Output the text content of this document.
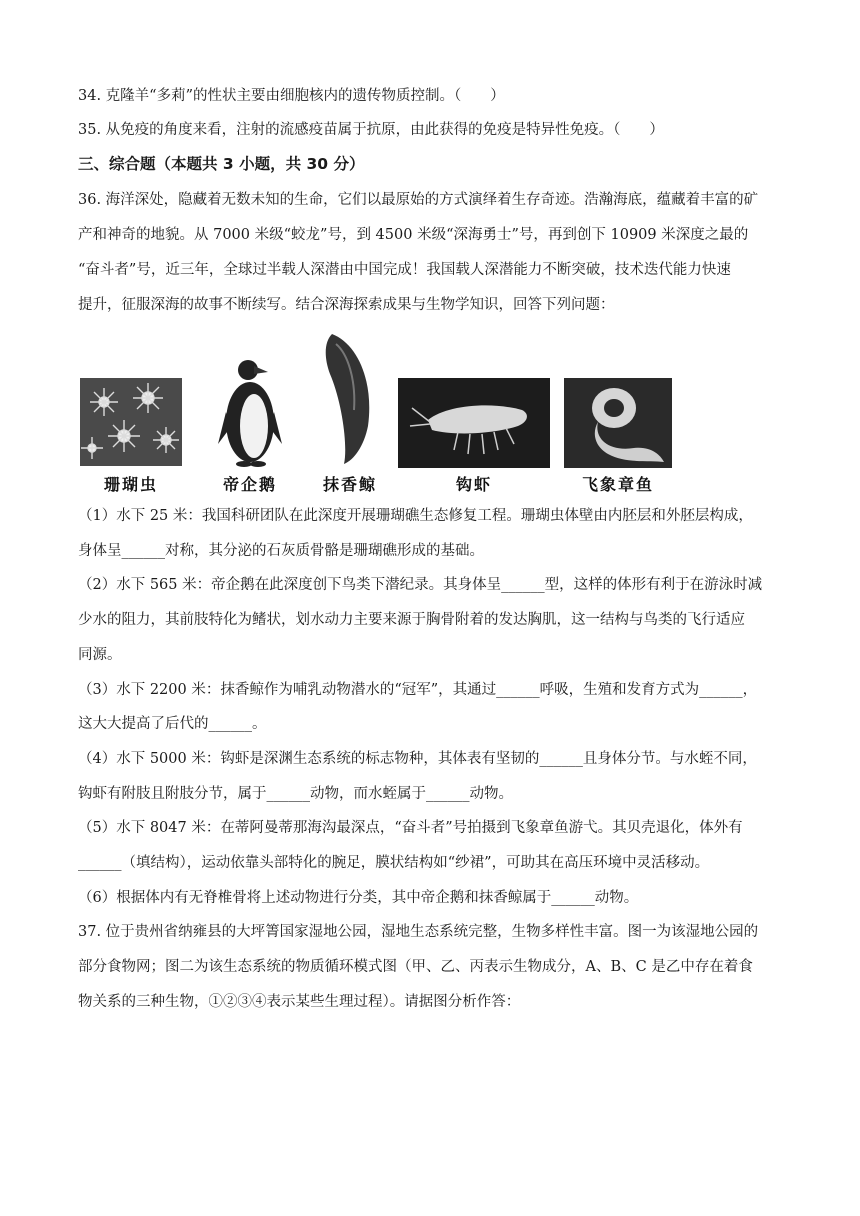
34. 克隆羊“多莉”的性状主要由细胞核内的遗传物质控制。（　　）
35. 从免疫的角度来看，注射的流感疫苗属于抗原，由此获得的免疫是特异性免疫。（　　）
三、综合题（本题共 3 小题，共 30 分）
36. 海洋深处，隐藏着无数未知的生命，它们以最原始的方式演绎着生存奇迹。浩瀚海底，蕴藏着丰富的矿
产和神奇的地貌。从 7000 米级“蛟龙”号，到 4500 米级“深海勇士”号，再到创下 10909 米深度之最的
“奋斗者”号，近三年，全球过半载人深潜由中国完成！我国载人深潜能力不断突破，技术迭代能力快速
提升，征服深海的故事不断续写。结合深海探索成果与生物学知识，回答下列问题：
珊瑚虫	帝企鹅	抹香鲸	钩虾	飞象章鱼
（1）水下 25 米：我国科研团队在此深度开展珊瑚礁生态修复工程。珊瑚虫体壁由内胚层和外胚层构成，
身体呈______对称，其分泌的石灰质骨骼是珊瑚礁形成的基础。
（2）水下 565 米：帝企鹅在此深度创下鸟类下潜纪录。其身体呈______型，这样的体形有利于在游泳时减
少水的阻力，其前肢特化为鳍状，划水动力主要来源于胸骨附着的发达胸肌，这一结构与鸟类的飞行适应
同源。
（3）水下 2200 米：抹香鲸作为哺乳动物潜水的“冠军”，其通过______呼吸，生殖和发育方式为______，
这大大提高了后代的______。
（4）水下 5000 米：钩虾是深渊生态系统的标志物种，其体表有坚韧的______且身体分节。与水蛭不同，
钩虾有附肢且附肢分节，属于______动物，而水蛭属于______动物。
（5）水下 8047 米：在蒂阿曼蒂那海沟最深点，“奋斗者”号拍摄到飞象章鱼游弋。其贝壳退化，体外有
______（填结构），运动依靠头部特化的腕足，膜状结构如“纱裙”，可助其在高压环境中灵活移动。
（6）根据体内有无脊椎骨将上述动物进行分类，其中帝企鹅和抹香鲸属于______动物。
37. 位于贵州省纳雍县的大坪箐国家湿地公园，湿地生态系统完整，生物多样性丰富。图一为该湿地公园的
部分食物网；图二为该生态系统的物质循环模式图（甲、乙、丙表示生物成分，A、B、C 是乙中存在着食
物关系的三种生物，①②③④表示某些生理过程）。请据图分析作答：
